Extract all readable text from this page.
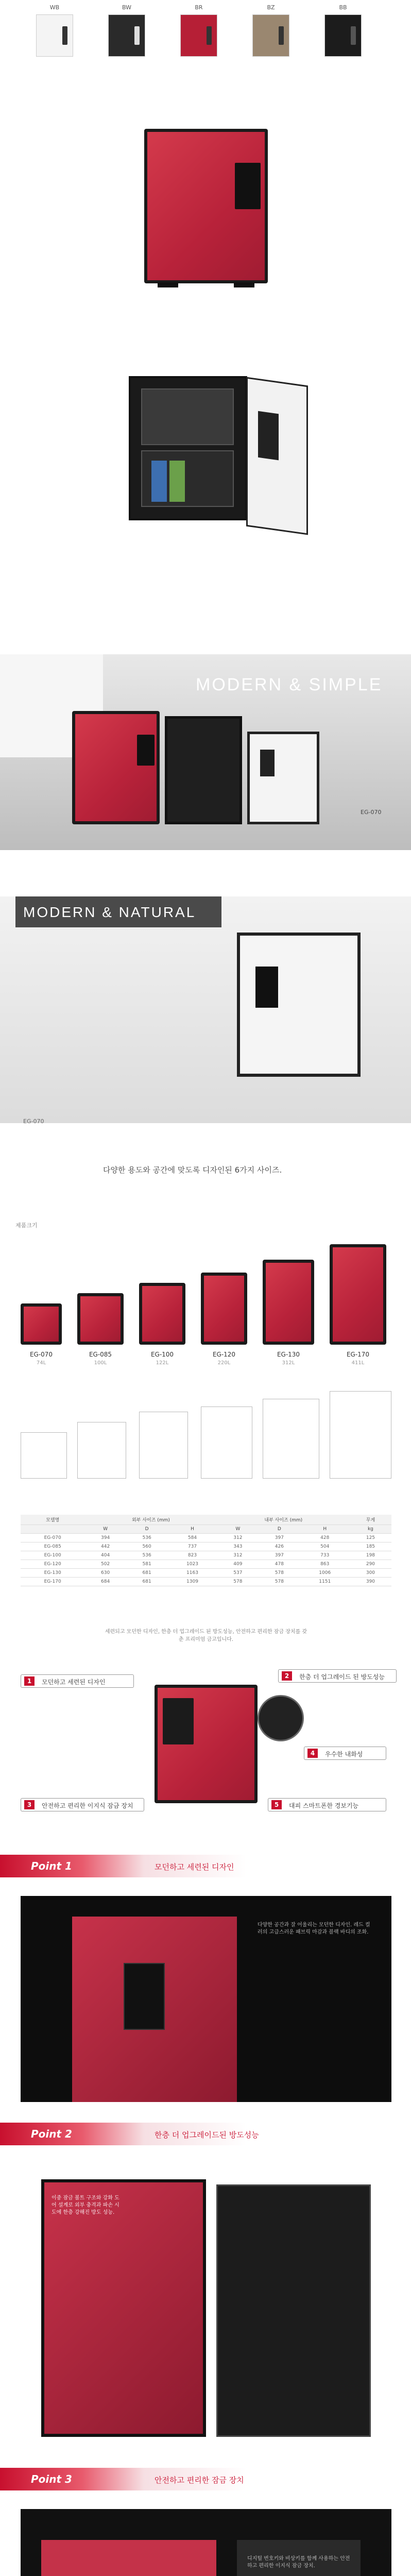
WB	BW	BR	BZ	BB
MODERN & SIMPLE
EG-070
MODERN & NATURAL
EG-070
다양한 용도와 공간에 맞도록 디자인된 6가지 사이즈.
제품크기
EG-070
74L
EG-085
100L
EG-100
122L
EG-120
220L
EG-130
312L
EG-170
411L
모델명	외부 사이즈 (mm)			내부 사이즈 (mm)			무게
	W	D	H	W	D	H	kg
EG-070	394	536	584	312	397	428	125
EG-085	442	560	737	343	426	504	185
EG-100	404	536	823	312	397	733	198
EG-120	502	581	1023	409	478	863	290
EG-130	630	681	1163	537	578	1006	300
EG-170	684	681	1309	578	578	1151	390
세련되고 모던한 디자인, 한층 더 업그레이드 된 방도성능, 안전하고 편리한 잠금 장치를 갖춘 프리미엄 금고입니다.
1	모던하고 세련된 디자인
2	한층 더 업그레이드 된 방도성능
4	우수한 내화성
3	안전하고 편리한 이지식 잠금 장치	5	대피 스마트폰한 경보기능
Point 1	모던하고 세련된 디자인
다양한 공간과 잘 어울리는 모던한 디자인. 레드 컬러의 고급스러운 패브릭 마감과 블랙 바디의 조화.
Point 2	한층 더 업그레이드된 방도성능
이중 잠금 볼트 구조와 강화 도어 설계로 외부 충격과 파손 시도에 한층 강해진 방도 성능.
Point 3	안전하고 편리한 잠금 장치
디지털 번호키와 비상키를 함께 사용하는 안전하고 편리한 이지식 잠금 장치.
